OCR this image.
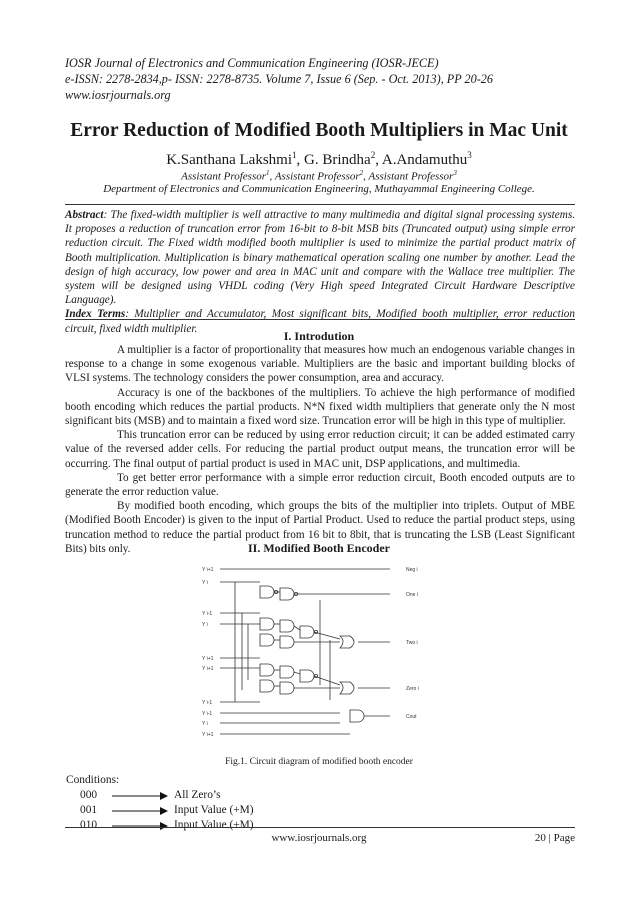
IOSR Journal of Electronics and Communication Engineering (IOSR-JECE)
e-ISSN: 2278-2834,p- ISSN: 2278-8735. Volume 7, Issue 6 (Sep. - Oct. 2013), PP 20-26
www.iosrjournals.org
Error Reduction of Modified Booth Multipliers in Mac Unit
K.Santhana Lakshmi$^1$, G. Brindha$^2$, A.Andamuthu$^3$
Assistant Professor$^1$, Assistant Professor$^2$, Assistant Professor$^3$
Department of Electronics and Communication Engineering, Muthayammal Engineering College.
Abstract: The fixed-width multiplier is well attractive to many multimedia and digital signal processing systems. It proposes a reduction of truncation error from 16-bit to 8-bit MSB bits (Truncated output) using simple error reduction circuit. The Fixed width modified booth multiplier is used to minimize the partial product matrix of Booth multiplication. Multiplication is binary mathematical operation scaling one number by another. Lead the design of high accuracy, low power and area in MAC unit and compare with the Wallace tree multiplier. The system will be designed using VHDL coding (Very High speed Integrated Circuit Hardware Descriptive Language).
Index Terms: Multiplier and Accumulator, Most significant bits, Modified booth multiplier, error reduction circuit, fixed width multiplier.
I. Introdution
A multiplier is a factor of proportionality that measures how much an endogenous variable changes in response to a change in some exogenous variable. Multipliers are the basic and important building blocks of VLSI systems. The technology considers the power consumption, area and accuracy.
Accuracy is one of the backbones of the multipliers. To achieve the high performance of modified booth encoding which reduces the partial products. N*N fixed width multipliers that generate only the N most significant bits (MSB) and to maintain a fixed word size. Truncation error will be high in this type of multiplier.
This truncation error can be reduced by using error reduction circuit; it can be added estimated carry value of the reversed adder cells. For reducing the partial product output means, the truncation error will be occurring. The final output of partial product is used in MAC unit, DSP applications, and multimedia.
To get better error performance with a simple error reduction circuit, Booth encoded outputs are to generate the error reduction value.
By modified booth encoding, which groups the bits of the multiplier into triplets. Output of MBE (Modified Booth Encoder) is given to the input of Partial Product. Used to reduce the partial product steps, using truncation method to reduce the partial product from 16 bit to 8bit, that is truncating the LSB (Least Significant Bits) bits only.	II. Modified Booth Encoder
Y i+1
Y i
Y i-1
Y i
Y i+1
Y i+1
Y i-1
Y i-1
Y i
Y i+1
Neg i
One i
Two i
Zero i
Cout
Fig.1. Circuit diagram of modified booth encoder
Conditions:
000	All Zero’s
001	Input Value (+M)
010	Input Value (+M)
www.iosrjournals.org	20 | Page
